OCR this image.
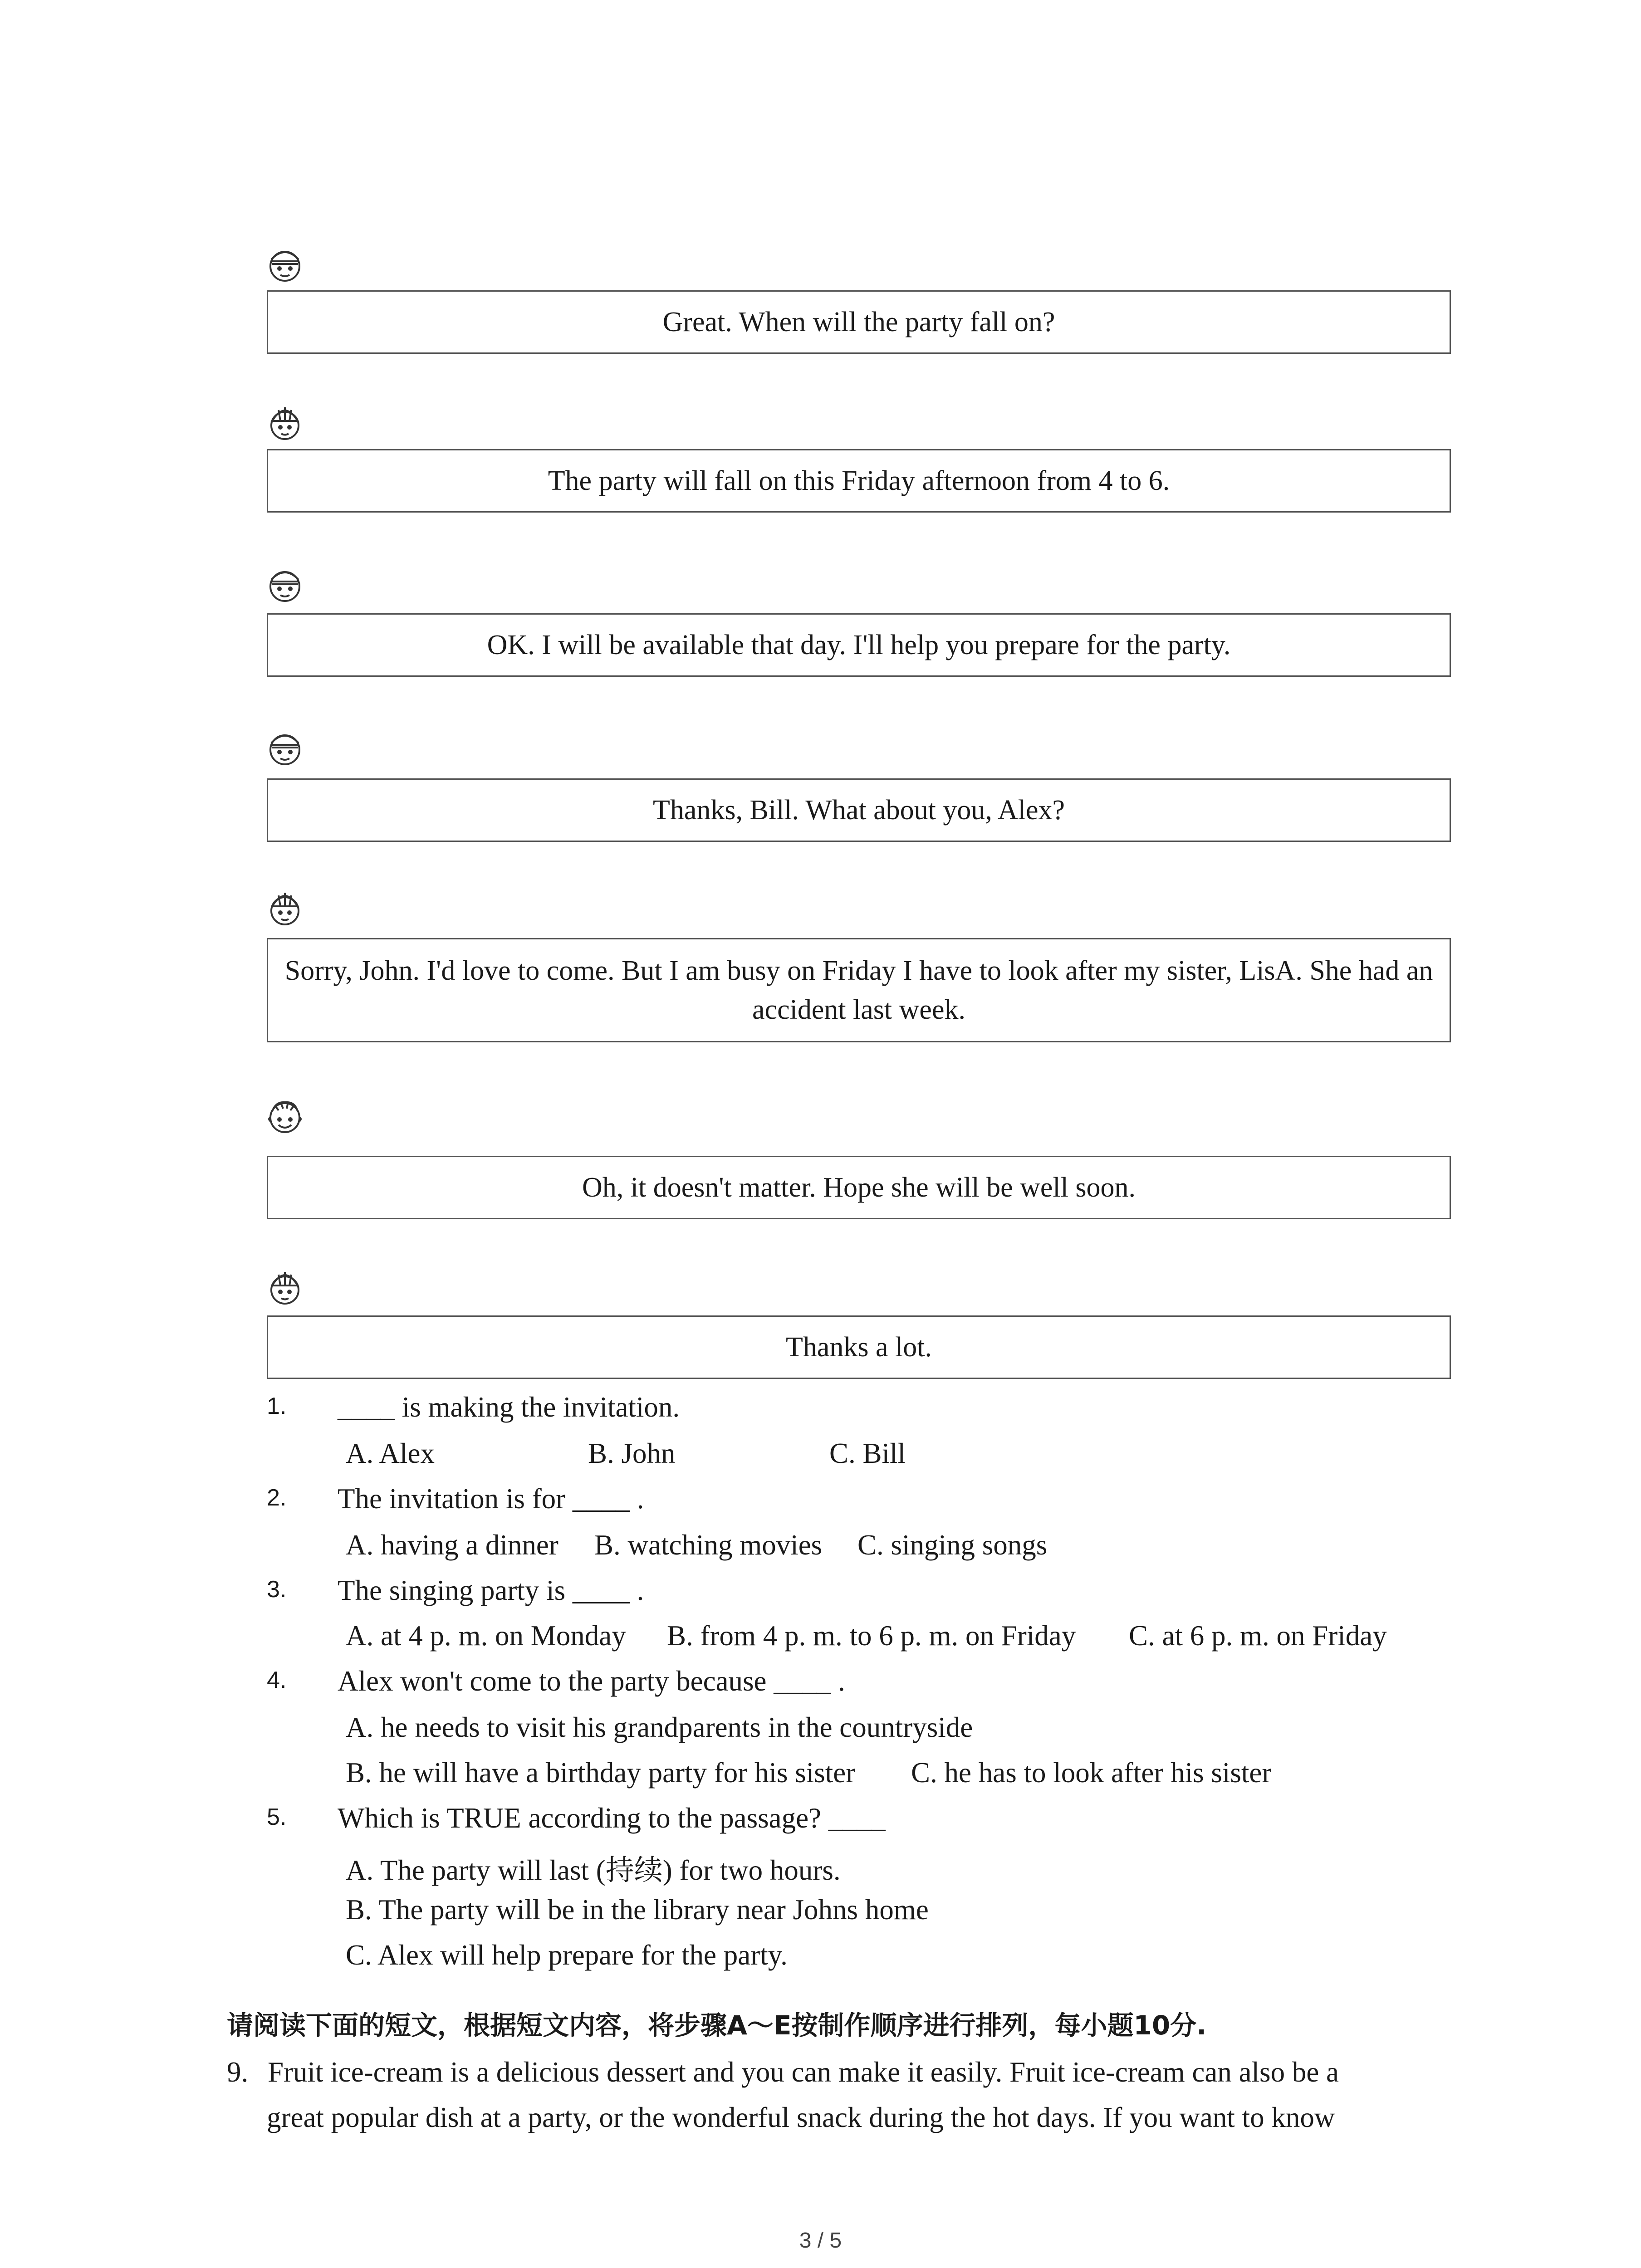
Great. When will the party fall on?
The party will fall on this Friday afternoon from 4 to 6.
OK. I will be available that day. I'll help you prepare for the party.
Thanks, Bill. What about you, Alex?
Sorry, John. I'd love to come. But I am busy on Friday I have to look after my sister, LisA. She had an accident last week.
Oh, it doesn't matter. Hope she will be well soon.
Thanks a lot.
1. ____ is making the invitation.
A. Alex	B. John	C. Bill
2. The invitation is for ____ .
A. having a dinner B. watching movies C. singing songs
3. The singing party is ____ .
A. at 4 p. m. on Monday B. from 4 p. m. to 6 p. m. on Friday C. at 6 p. m. on Friday
4. Alex won't come to the party because ____ .
A. he needs to visit his grandparents in the countryside
B. he will have a birthday party for his sister C. he has to look after his sister
5. Which is TRUE according to the passage? ____
A. The party will last (持续) for two hours.
B. The party will be in the library near Johns home
C. Alex will help prepare for the party.
请阅读下面的短文，根据短文内容，将步骤A～E按制作顺序进行排列，每小题10分.
9. Fruit ice-cream is a delicious dessert and you can make it easily. Fruit ice-cream can also be a
great popular dish at a party, or the wonderful snack during the hot days. If you want to know
3 / 5
